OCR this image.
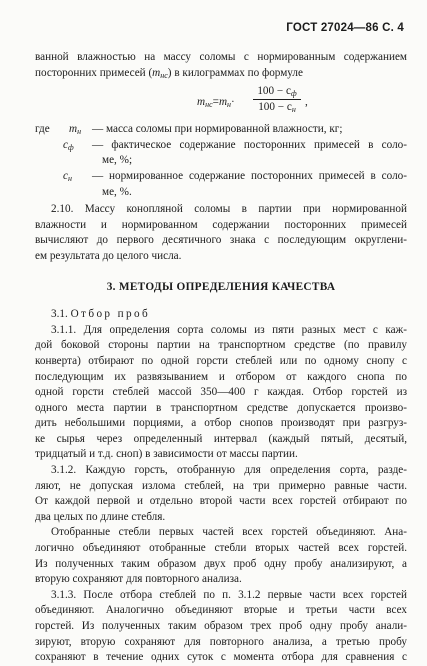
ГОСТ 27024—86 С. 4

ванной влажностью на массу соломы с нормированным содержанием

посторонних примесей $(m_{нс})$ в килограммах по формуле

$m_{нс}=m_н\cdot$
$100 - c_ф$
$100 - c_н$
,
где $m_н$ — масса соломы при нормированной влажности, кг;
$c_ф$ — фактическое содержание посторонних примесей в соло-
ме, %;
$c_н$ — нормированное содержание посторонних примесей в соло-
ме, %.

2.10. Массу конопляной соломы в партии при нормированной

влажности и нормированном содержании посторонних примесей

вычисляют до первого десятичного знака с последующим округлени-

ем результата до целого числа.

3. МЕТОДЫ ОПРЕДЕЛЕНИЯ КАЧЕСТВА

3.1. Отбор проб

3.1.1. Для определения сорта соломы из пяти разных мест с каж-

дой боковой стороны партии на транспортном средстве (по правилу

конверта) отбирают по одной горсти стеблей или по одному снопу с

последующим их развязыванием и отбором от каждого снопа по

одной горсти стеблей массой 350—400 г каждая. Отбор горстей из

одного места партии в транспортном средстве допускается произво-

дить небольшими порциями, а отбор снопов производят при разгруз-

ке сырья через определенный интервал (каждый пятый, десятый,

тридцатый и т.д. сноп) в зависимости от массы партии.

3.1.2. Каждую горсть, отобранную для определения сорта, разде-

ляют, не допуская излома стеблей, на три примерно равные части.

От каждой первой и отдельно второй части всех горстей отбирают по

два целых по длине стебля.

Отобранные стебли первых частей всех горстей объединяют. Ана-

логично объединяют отобранные стебли вторых частей всех горстей.

Из полученных таким образом двух проб одну пробу анализируют, а

вторую сохраняют для повторного анализа.

3.1.3. После отбора стеблей по п. 3.1.2 первые части всех горстей

объединяют. Аналогично объединяют вторые и третьи части всех

горстей. Из полученных таким образом трех проб одну пробу анали-

зируют, вторую сохраняют для повторного анализа, а третью пробу

сохраняют в течение одних суток с момента отбора для сравнения с
